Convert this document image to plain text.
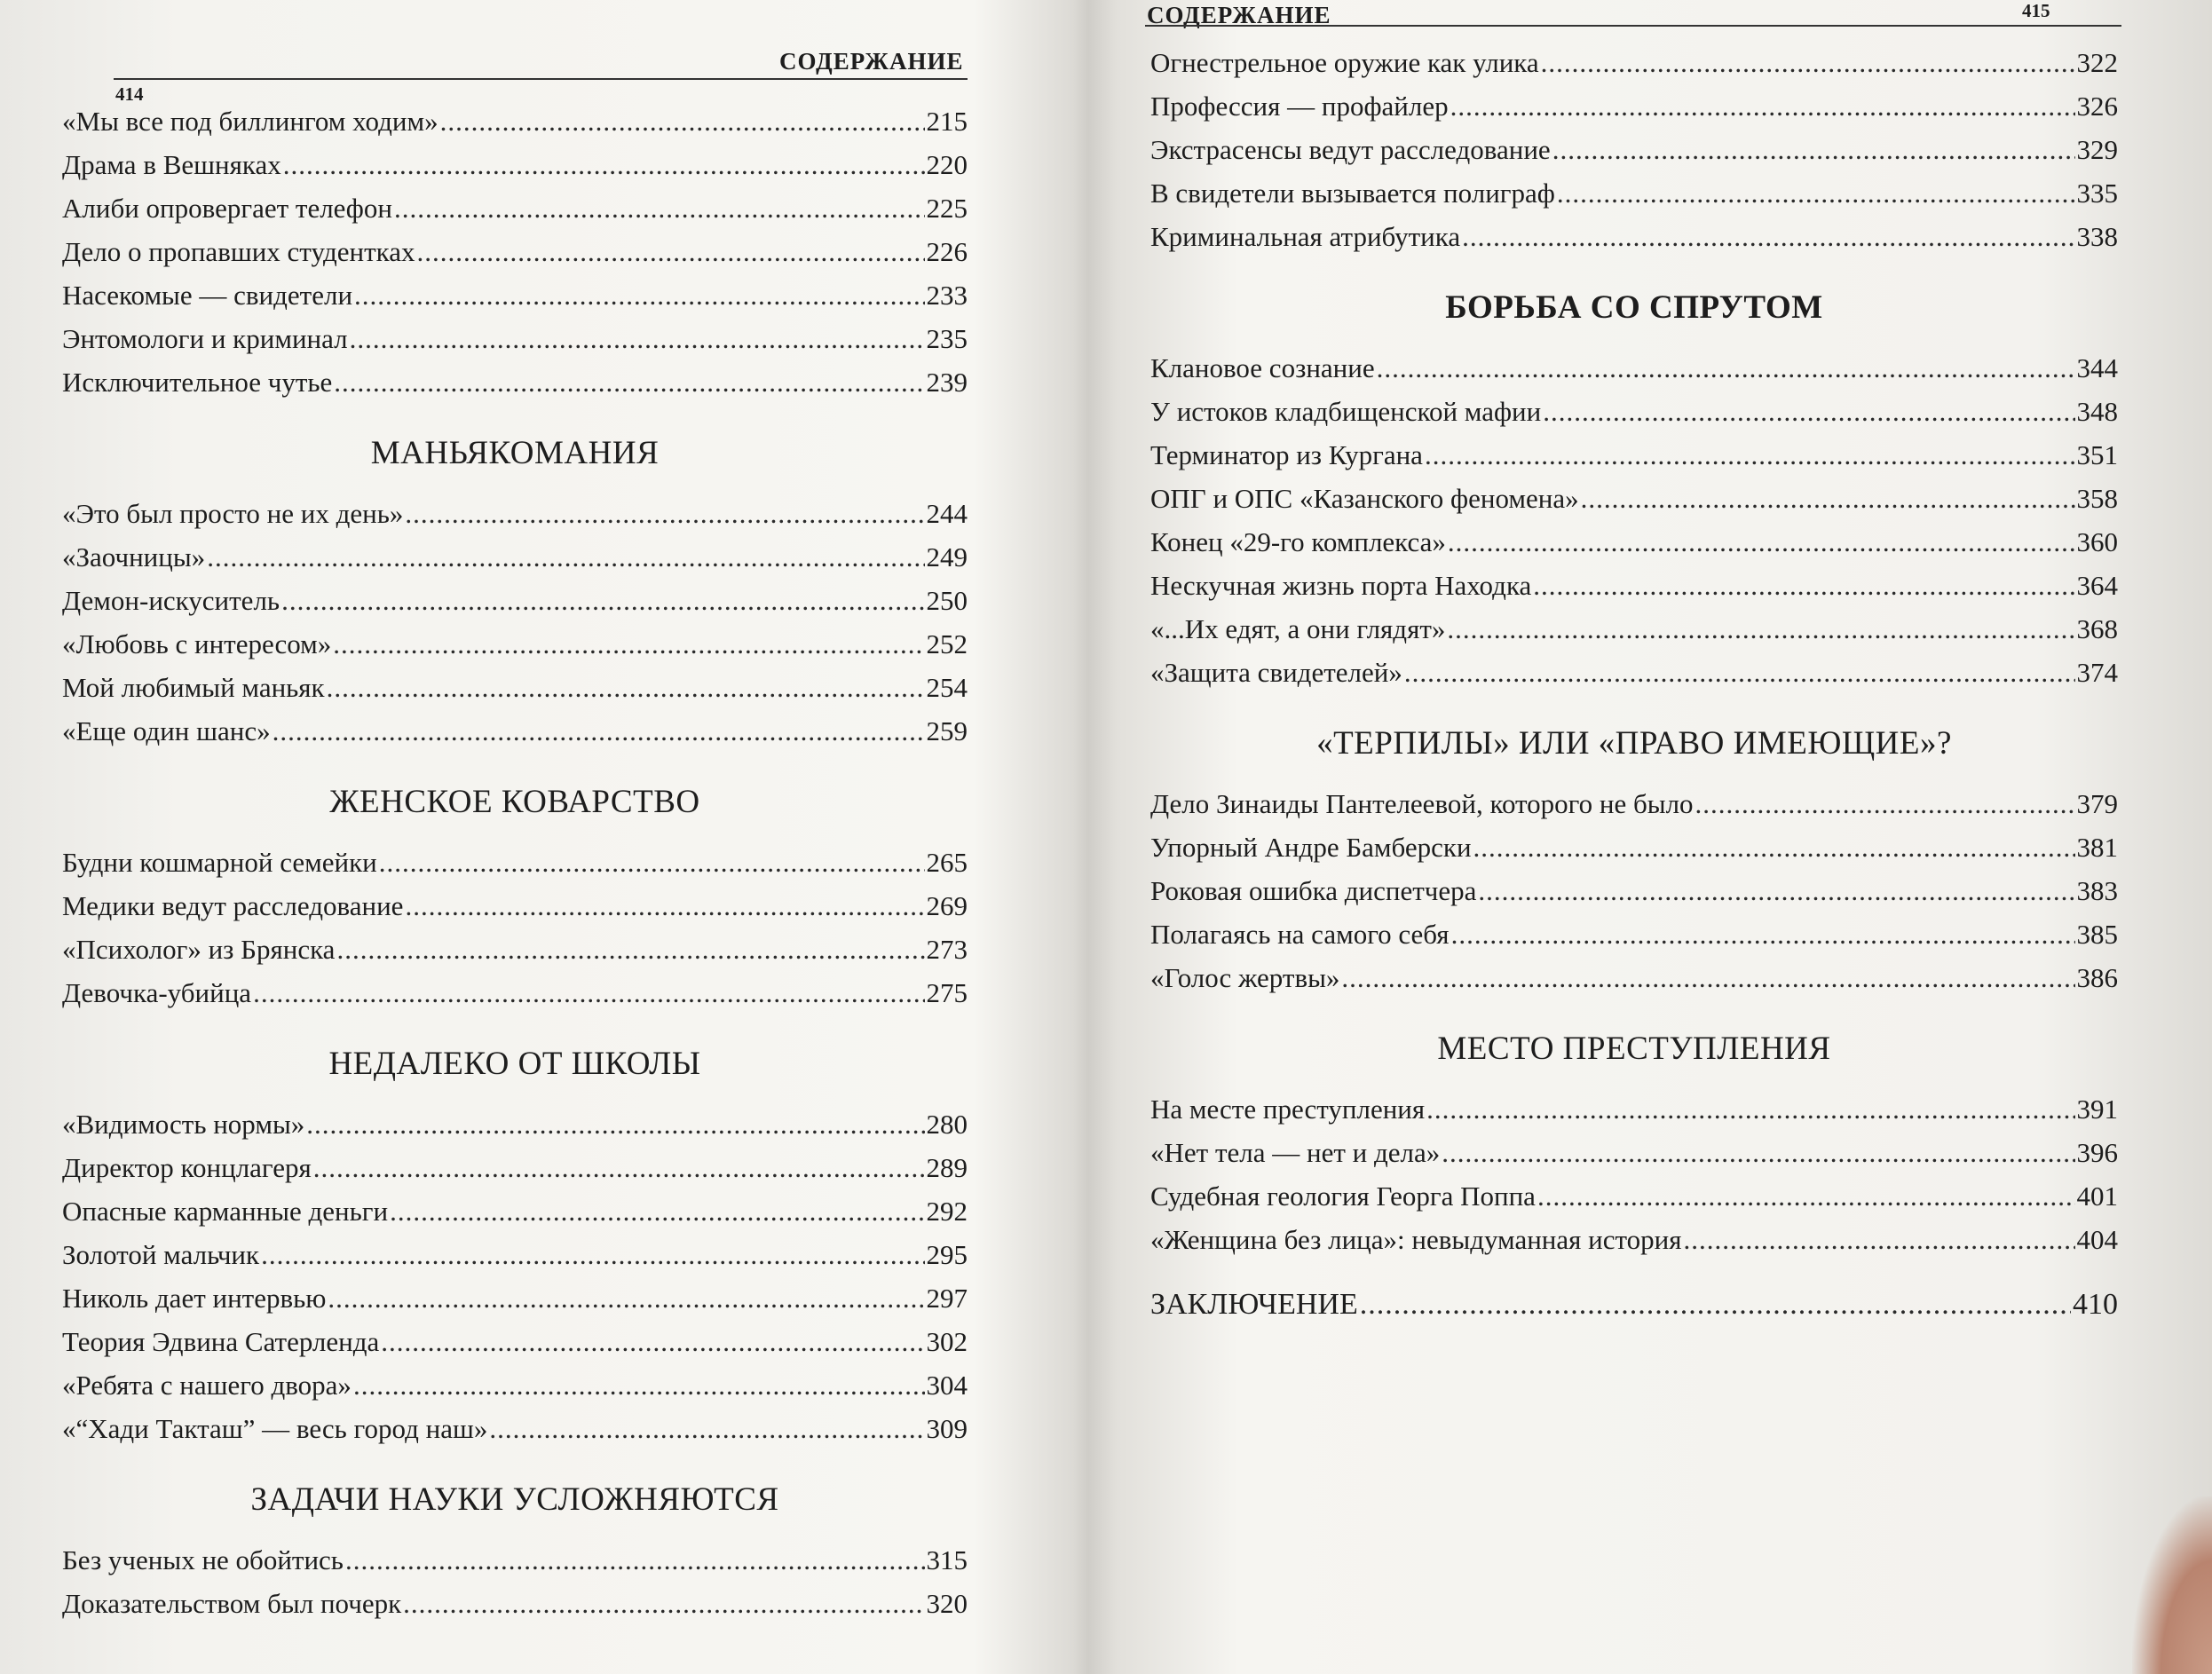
СОДЕРЖАНИЕ
414
«Мы все под биллингом ходим» .....	215
Драма в Вешняках .....	220
Алиби опровергает телефон .....	225
Дело о пропавших студентках .....	226
Насекомые — свидетели .....	233
Энтомологи и криминал .....	235
Исключительное чутье .....	239
МАНЬЯКОМАНИЯ
«Это был просто не их день» .....	244
«Заочницы» .....	249
Демон-искуситель .....	250
«Любовь с интересом» .....	252
Мой любимый маньяк .....	254
«Еще один шанс» .....	259
ЖЕНСКОЕ КОВАРСТВО
Будни кошмарной семейки .....	265
Медики ведут расследование .....	269
«Психолог» из Брянска .....	273
Девочка-убийца .....	275
НЕДАЛЕКО ОТ ШКОЛЫ
«Видимость нормы» .....	280
Директор концлагеря .....	289
Опасные карманные деньги .....	292
Золотой мальчик .....	295
Николь дает интервью .....	297
Теория Эдвина Сатерленда .....	302
«Ребята с нашего двора» .....	304
«“Хади Такташ” — весь город наш» .....	309
ЗАДАЧИ НАУКИ УСЛОЖНЯЮТСЯ
Без ученых не обойтись .....	315
Доказательством был почерк .....	320
СОДЕРЖАНИЕ	415
Огнестрельное оружие как улика .....	322
Профессия — профайлер .....	326
Экстрасенсы ведут расследование .....	329
В свидетели вызывается полиграф .....	335
Криминальная атрибутика .....	338
БОРЬБА СО СПРУТОМ
Клановое сознание .....	344
У истоков кладбищенской мафии .....	348
Терминатор из Кургана .....	351
ОПГ и ОПС «Казанского феномена» .....	358
Конец «29-го комплекса» .....	360
Нескучная жизнь порта Находка .....	364
«...Их едят, а они глядят» .....	368
«Защита свидетелей» .....	374
«ТЕРПИЛЫ» ИЛИ «ПРАВО ИМЕЮЩИЕ»?
Дело Зинаиды Пантелеевой, которого не было .....	379
Упорный Андре Бамберски .....	381
Роковая ошибка диспетчера .....	383
Полагаясь на самого себя .....	385
«Голос жертвы» .....	386
МЕСТО ПРЕСТУПЛЕНИЯ
На месте преступления .....	391
«Нет тела — нет и дела» .....	396
Судебная геология Георга Поппа .....	401
«Женщина без лица»: невыдуманная история .....	404
ЗАКЛЮЧЕНИЕ .....	410
